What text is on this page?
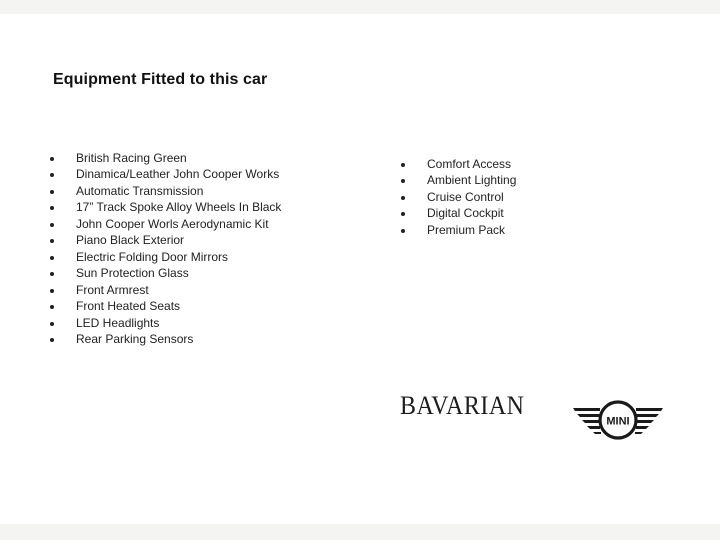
Equipment Fitted to this car
British Racing Green
Dinamica/Leather John Cooper Works
Automatic Transmission
17” Track Spoke Alloy Wheels In Black
John Cooper Worls Aerodynamic Kit
Piano Black Exterior
Electric Folding Door Mirrors
Sun Protection Glass
Front Armrest
Front Heated Seats
LED Headlights
Rear Parking Sensors
Comfort Access
Ambient Lighting
Cruise Control
Digital Cockpit
Premium Pack
BAVARIAN
MINI
